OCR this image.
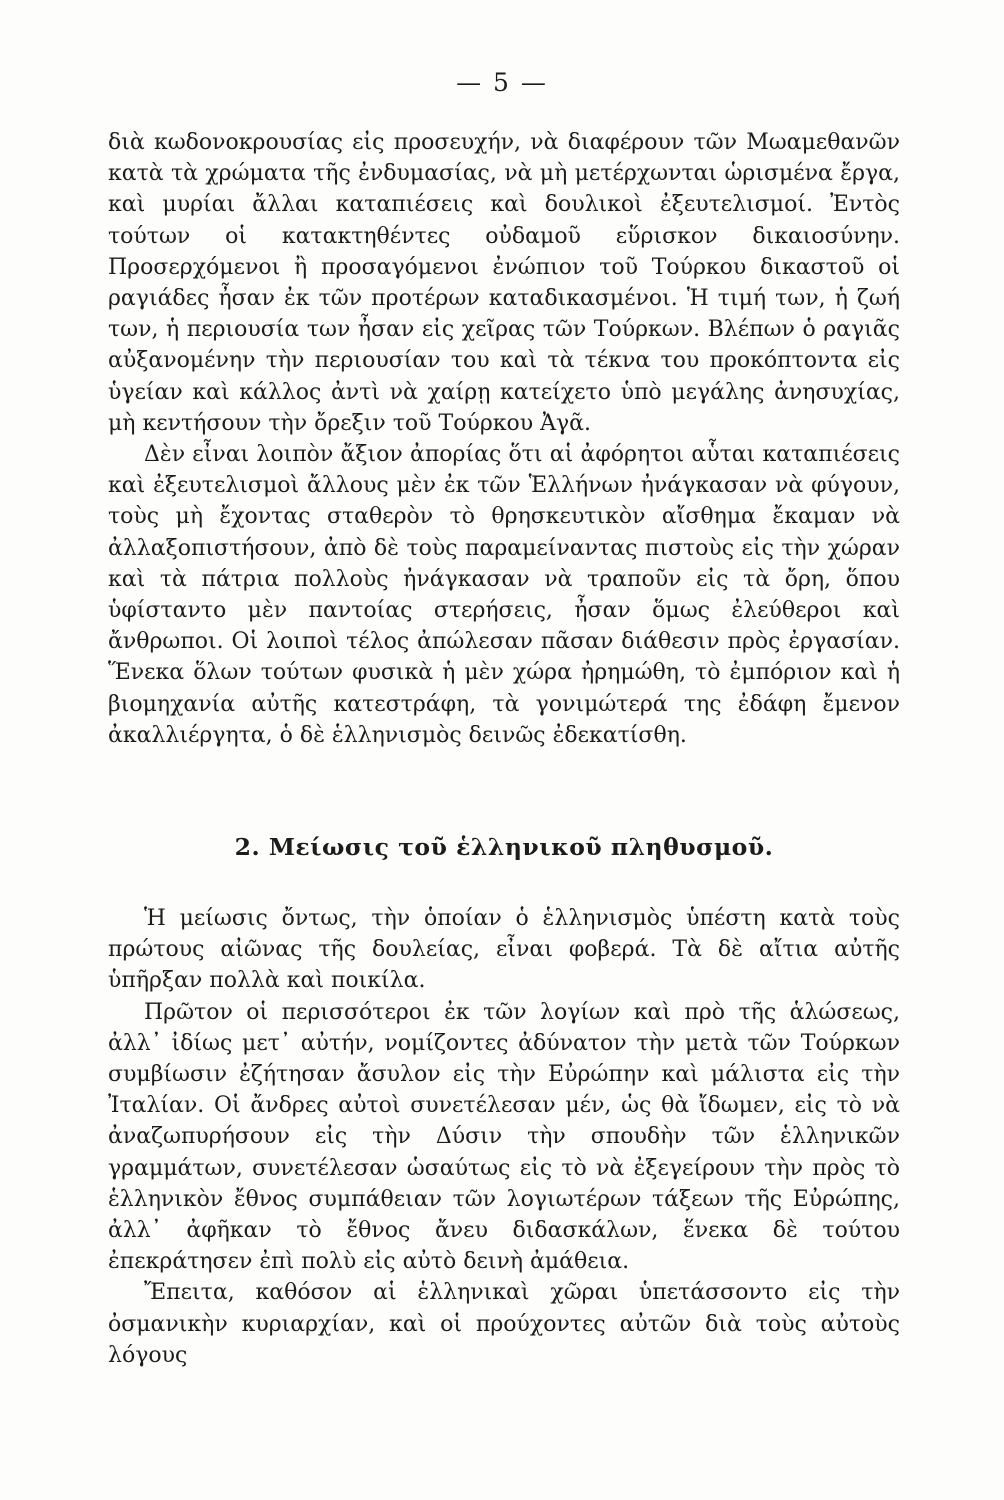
— 5 —

διὰ κωδονοκρουσίας εἰς προσευχήν, νὰ διαφέρουν τῶν Μωαμεθανῶν κατὰ τὰ χρώματα τῆς ἐνδυμασίας, νὰ μὴ μετέρχωνται ὡρισμένα ἔργα, καὶ μυρίαι ἄλλαι καταπιέσεις καὶ δουλικοὶ ἐξευτελισμοί. Ἐντὸς τούτων οἱ κατακτηθέντες οὐδαμοῦ εὕρισκον δικαιοσύνην. Προσερχόμενοι ἢ προσαγόμενοι ἐνώπιον τοῦ Τούρκου δικαστοῦ οἱ ραγιάδες ἦσαν ἐκ τῶν προτέρων καταδικασμένοι. Ἡ τιμή των, ἡ ζωή των, ἡ περιουσία των ἦσαν εἰς χεῖρας τῶν Τούρκων. Βλέπων ὁ ραγιᾶς αὐξανομένην τὴν περιουσίαν του καὶ τὰ τέκνα του προκόπτοντα εἰς ὑγείαν καὶ κάλλος ἀντὶ νὰ χαίρῃ κατείχετο ὑπὸ μεγάλης ἀνησυχίας, μὴ κεντήσουν τὴν ὄρεξιν τοῦ Τούρκου Ἀγᾶ.

Δὲν εἶναι λοιπὸν ἄξιον ἀπορίας ὅτι αἱ ἀφόρητοι αὗται καταπιέσεις καὶ ἐξευτελισμοὶ ἄλλους μὲν ἐκ τῶν Ἑλλήνων ἠνάγκασαν νὰ φύγουν, τοὺς μὴ ἔχοντας σταθερὸν τὸ θρησκευτικὸν αἴσθημα ἔκαμαν νὰ ἀλλαξοπιστήσουν, ἀπὸ δὲ τοὺς παραμείναντας πιστοὺς εἰς τὴν χώραν καὶ τὰ πάτρια πολλοὺς ἠνάγκασαν νὰ τραποῦν εἰς τὰ ὄρη, ὅπου ὑφίσταντο μὲν παντοίας στερήσεις, ἦσαν ὅμως ἐλεύθεροι καὶ ἄνθρωποι. Οἱ λοιποὶ τέλος ἀπώλεσαν πᾶσαν διάθεσιν πρὸς ἐργασίαν. Ἕνεκα ὅλων τούτων φυσικὰ ἡ μὲν χώρα ἠρημώθη, τὸ ἐμπόριον καὶ ἡ βιομηχανία αὐτῆς κατεστράφη, τὰ γονιμώτερά της ἐδάφη ἔμενον ἀκαλλιέργητα, ὁ δὲ ἑλληνισμὸς δεινῶς ἐδεκατίσθη.

2. Μείωσις τοῦ ἑλληνικοῦ πληθυσμοῦ.

Ἡ μείωσις ὄντως, τὴν ὁποίαν ὁ ἑλληνισμὸς ὑπέστη κατὰ τοὺς πρώτους αἰῶνας τῆς δουλείας, εἶναι φοβερά. Τὰ δὲ αἴτια αὐτῆς ὑπῆρξαν πολλὰ καὶ ποικίλα.

Πρῶτον οἱ περισσότεροι ἐκ τῶν λογίων καὶ πρὸ τῆς ἁλώσεως, ἀλλ᾽ ἰδίως μετ᾽ αὐτήν, νομίζοντες ἀδύνατον τὴν μετὰ τῶν Τούρκων συμβίωσιν ἐζήτησαν ἄσυλον εἰς τὴν Εὐρώπην καὶ μάλιστα εἰς τὴν Ἰταλίαν. Οἱ ἄνδρες αὐτοὶ συνετέλεσαν μέν, ὡς θὰ ἴδωμεν, εἰς τὸ νὰ ἀναζωπυρήσουν εἰς τὴν Δύσιν τὴν σπουδὴν τῶν ἑλληνικῶν γραμμάτων, συνετέλεσαν ὡσαύτως εἰς τὸ νὰ ἐξεγείρουν τὴν πρὸς τὸ ἑλληνικὸν ἔθνος συμπάθειαν τῶν λογιωτέρων τάξεων τῆς Εὐρώπης, ἀλλ᾽ ἀφῆκαν τὸ ἔθνος ἄνευ διδασκάλων, ἕνεκα δὲ τούτου ἐπεκράτησεν ἐπὶ πολὺ εἰς αὐτὸ δεινὴ ἀμάθεια.

Ἔπειτα, καθόσον αἱ ἑλληνικαὶ χῶραι ὑπετάσσοντο εἰς τὴν ὀσμανικὴν κυριαρχίαν, καὶ οἱ προύχοντες αὐτῶν διὰ τοὺς αὐτοὺς λόγους
